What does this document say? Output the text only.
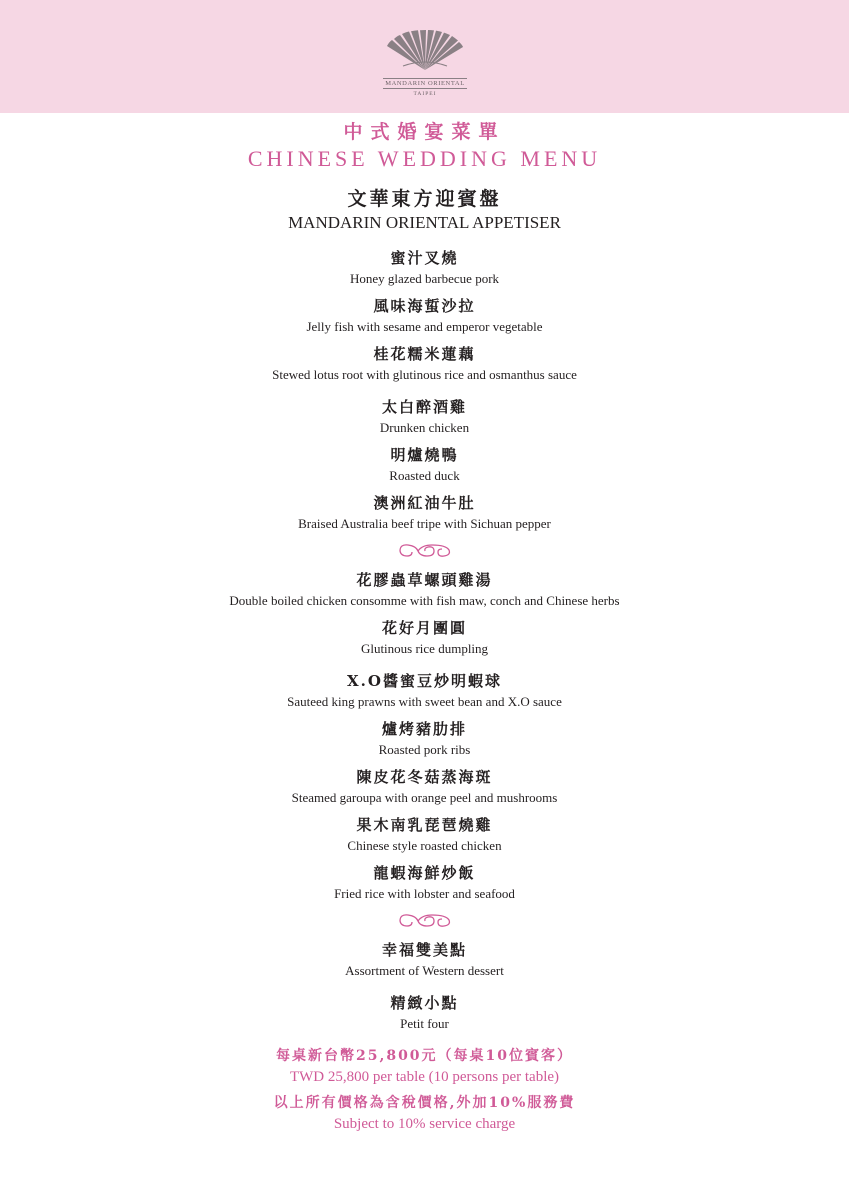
MANDARIN ORIENTAL
TAIPEI
中式婚宴菜單
CHINESE WEDDING MENU
文華東方迎賓盤
MANDARIN ORIENTAL APPETISER
蜜汁叉燒
Honey glazed barbecue pork
風味海蜇沙拉
Jelly fish with sesame and emperor vegetable
桂花糯米蓮藕
Stewed lotus root with glutinous rice and osmanthus sauce
太白醉酒雞
Drunken chicken
明爐燒鴨
Roasted duck
澳洲紅油牛肚
Braised Australia beef tripe with Sichuan pepper
花膠蟲草螺頭雞湯
Double boiled chicken consomme with fish maw, conch and Chinese herbs
花好月團圓
Glutinous rice dumpling
X.O醬蜜豆炒明蝦球
Sauteed king prawns with sweet bean and X.O sauce
爐烤豬肋排
Roasted pork ribs
陳皮花冬菇蒸海斑
Steamed garoupa with orange peel and mushrooms
果木南乳琵琶燒雞
Chinese style roasted chicken
龍蝦海鮮炒飯
Fried rice with lobster and seafood
幸福雙美點
Assortment of Western dessert
精緻小點
Petit four
每桌新台幣25,800元（每桌10位賓客）
TWD 25,800 per table (10 persons per table)
以上所有價格為含稅價格,外加10%服務費
Subject to 10% service charge
